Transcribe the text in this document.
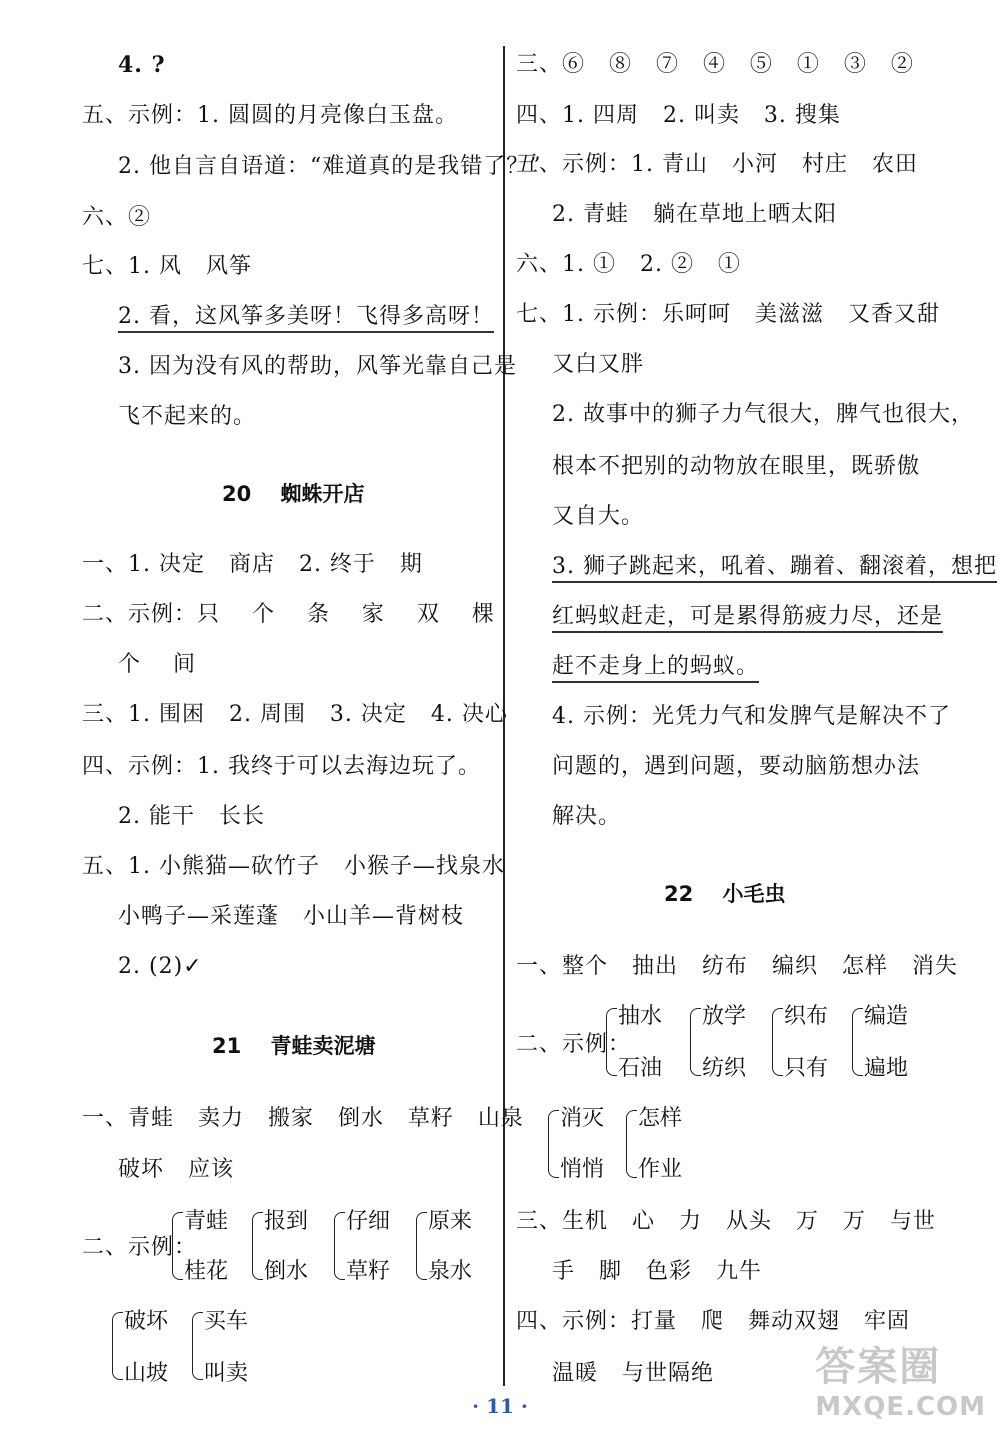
4. ?
五、示例：1. 圆圆的月亮像白玉盘。
2. 他自言自语道：“难道真的是我错了？”
六、②
七、1. 风   风筝
2. 看，这风筝多美呀！飞得多高呀！
3. 因为没有风的帮助，风筝光靠自己是
飞不起来的。
20    蜘蛛开店
一、1. 决定   商店   2. 终于   期
二、示例：只    个    条    家    双    棵
个    间
三、1. 围困   2. 周围   3. 决定   4. 决心
四、示例：1. 我终于可以去海边玩了。
2. 能干   长长
五、1. 小熊猫—砍竹子   小猴子—找泉水
小鸭子—采莲蓬   小山羊—背树枝
2. (2)✓
21    青蛙卖泥塘
一、青蛙   卖力   搬家   倒水   草籽   山泉
破坏   应该
二、示例：
青蛙
桂花
报到
倒水
仔细
草籽
原来
泉水
破坏
山坡
买车
叫卖
三、⑥   ⑧   ⑦   ④   ⑤   ①   ③   ②
四、1. 四周   2. 叫卖   3. 搜集
五、示例：1. 青山   小河   村庄   农田
2. 青蛙   躺在草地上晒太阳
六、1. ①   2. ②   ①
七、1. 示例：乐呵呵   美滋滋   又香又甜
又白又胖
2. 故事中的狮子力气很大，脾气也很大，
根本不把别的动物放在眼里，既骄傲
又自大。
3. 狮子跳起来，吼着、蹦着、翻滚着，想把
红蚂蚁赶走，可是累得筋疲力尽，还是
赶不走身上的蚂蚁。
4. 示例：光凭力气和发脾气是解决不了
问题的，遇到问题，要动脑筋想办法
解决。
22    小毛虫
一、整个   抽出   纺布   编织   怎样   消失
二、示例：
抽水
石油
放学
纺织
织布
只有
编造
遍地
消灭
悄悄
怎样
作业
三、生机   心   力   从头   万   万   与世
手   脚   色彩   九牛
四、示例：打量   爬   舞动双翅   牢固
温暖   与世隔绝
· 11 ·
答案圈
MXQE.COM
